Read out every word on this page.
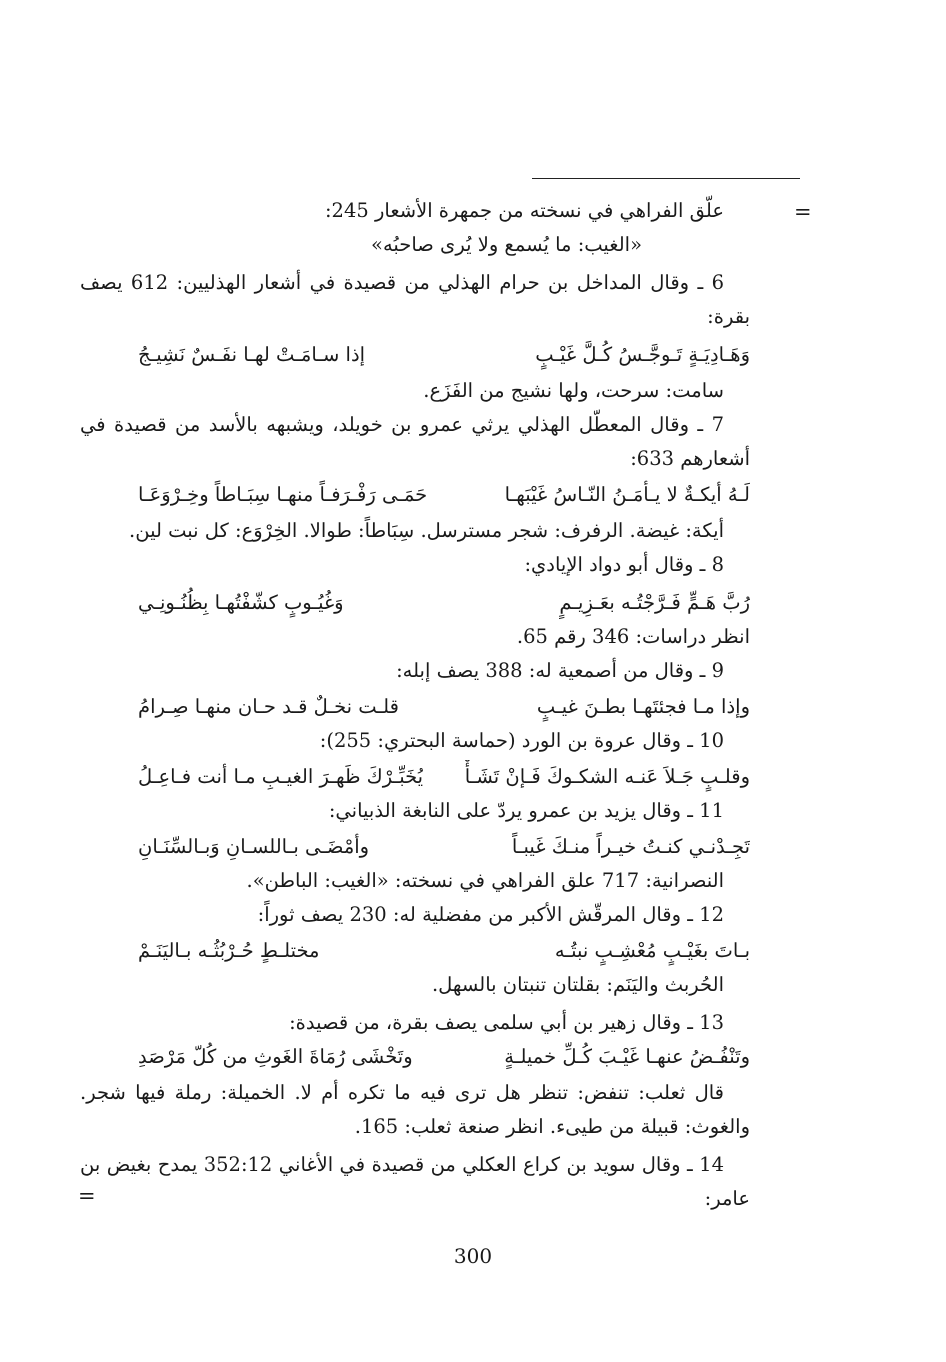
=
علّق الفراهي في نسخته من جمهرة الأشعار 245:
«الغيب: ما يُسمع ولا يُرى صاحبُه»
6 ـ وقال المداخل بن حرام الهذلي من قصيدة في أشعار الهذليين: 612 يصف
بقرة:
وَهَـادِيَـةٍ تَـوجَّـسُ كُـلَّ غَيْـبٍ
إذا سـامَـتْ لهـا نفَـسٌ نَشِيـجُ
سامت: سرحت، ولها نشيج من الفَزَع.
7 ـ وقال المعطّل الهذلي يرثي عمرو بن خويلد، ويشبهه بالأسد من قصيدة في
أشعارهم 633:
لَـهُ أيكـةٌ لا يـأمَـنُ النّـاسُ غَيْبَهـا
حَمَـى رَفْـرَفـاً منهـا سِبَـاطاً وخِـرْوَعَـا
أيكة: غيضة. الرفرف: شجر مسترسل. سِبَاطاً: طوالا. الخِرْوَع: كل نبت لين.
8 ـ وقال أبو دواد الإيادي:
رُبَّ هَـمٍّ فَـرَّجْتُـه بعَـزِيـمٍ
وَغُيُـوبٍ كشّفْتُهـا بِظُنُـونِـي
انظر دراسات: 346 رقم 65.
9 ـ وقال من أصمعية له: 388 يصف إبله:
وإذا مـا فجئتَهـا بطـنَ غيـبٍ
قلـت نخـلٌ قـد حـان منهـا صِـرامُ
10 ـ وقال عروة بن الورد (حماسة البحتري: 255):
وقلـبٍ جَـلاَ عَنـه الشكـوكَ فَـإنْ تَشَـأْ
يُخَبِّـرْكَ ظَهـرَ الغيـبِ مـا أنت فـاعِـلُ
11 ـ وقال يزيد بن عمرو يردّ على النابغة الذبياني:
تَجِـدْنـي كنـتُ خيـراً منـكَ غَيبـاً
وأمْضَـى بـاللسـانِ وَبـالسِّنَـانِ
النصرانية: 717 علق الفراهي في نسخته: «الغيب: الباطن».
12 ـ وقال المرقّش الأكبر من مفضلية له: 230 يصف ثوراً:
بـاتَ بغَيْـبٍ مُعْشِـبٍ نبتُـه
مختلـطٍ حُـرْبُثُـه بـاليَنَـمْ
الحُربث واليَنَم: بقلتان تنبتان بالسهل.
13 ـ وقال زهير بن أبي سلمى يصف بقرة، من قصيدة:
وتَنْفُـضُ عنهـا غَيْـبَ كُـلِّ خميلـةٍ
وتَخْشَى رُمَاةَ الغَوثِ من كُلّ مَرْصَدِ
قال ثعلب: تنفض: تنظر هل ترى فيه ما تكره أم لا. الخميلة: رملة فيها شجر.
والغوث: قبيلة من طيىء. انظر صنعة ثعلب: 165.
14 ـ وقال سويد بن كراع العكلي من قصيدة في الأغاني 352:12 يمدح بغيض بن
عامر:
=
300
